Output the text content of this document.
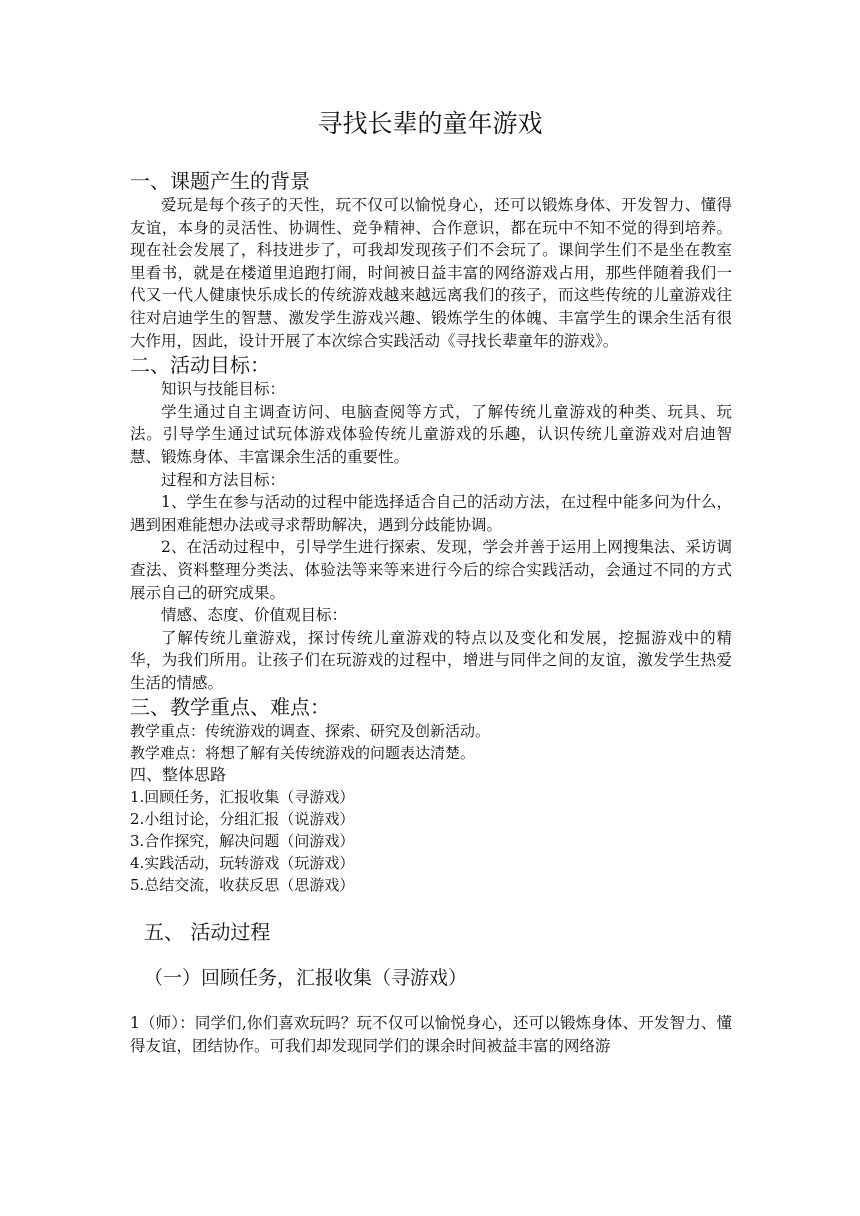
寻找长辈的童年游戏

一、课题产生的背景

爱玩是每个孩子的天性，玩不仅可以愉悦身心，还可以锻炼身体、开发智力、懂得友谊，本身的灵活性、协调性、竞争精神、合作意识，都在玩中不知不觉的得到培养。现在社会发展了，科技进步了，可我却发现孩子们不会玩了。课间学生们不是坐在教室里看书，就是在楼道里追跑打闹，时间被日益丰富的网络游戏占用，那些伴随着我们一代又一代人健康快乐成长的传统游戏越来越远离我们的孩子，而这些传统的儿童游戏往往对启迪学生的智慧、激发学生游戏兴趣、锻炼学生的体魄、丰富学生的课余生活有很大作用，因此，设计开展了本次综合实践活动《寻找长辈童年的游戏》。

二、活动目标：

知识与技能目标：

学生通过自主调查访问、电脑查阅等方式，了解传统儿童游戏的种类、玩具、玩法。引导学生通过试玩体游戏体验传统儿童游戏的乐趣，认识传统儿童游戏对启迪智慧、锻炼身体、丰富课余生活的重要性。

过程和方法目标：

1、学生在参与活动的过程中能选择适合自己的活动方法，在过程中能多问为什么，遇到困难能想办法或寻求帮助解决，遇到分歧能协调。

2、在活动过程中，引导学生进行探索、发现，学会并善于运用上网搜集法、采访调查法、资料整理分类法、体验法等来等来进行今后的综合实践活动，会通过不同的方式展示自己的研究成果。

情感、态度、价值观目标：

了解传统儿童游戏，探讨传统儿童游戏的特点以及变化和发展，挖掘游戏中的精华，为我们所用。让孩子们在玩游戏的过程中，增进与同伴之间的友谊，激发学生热爱生活的情感。

三、教学重点、难点：

教学重点：传统游戏的调查、探索、研究及创新活动。

教学难点：将想了解有关传统游戏的问题表达清楚。

四、整体思路

1.回顾任务，汇报收集（寻游戏）

2.小组讨论，分组汇报（说游戏）

3.合作探究，解决问题（问游戏）

4.实践活动，玩转游戏（玩游戏）

5.总结交流，收获反思（思游戏）

五、 活动过程

（一）回顾任务，汇报收集（寻游戏）

1（师）：同学们,你们喜欢玩吗？玩不仅可以愉悦身心，还可以锻炼身体、开发智力、懂得友谊，团结协作。可我们却发现同学们的课余时间被益丰富的网络游
